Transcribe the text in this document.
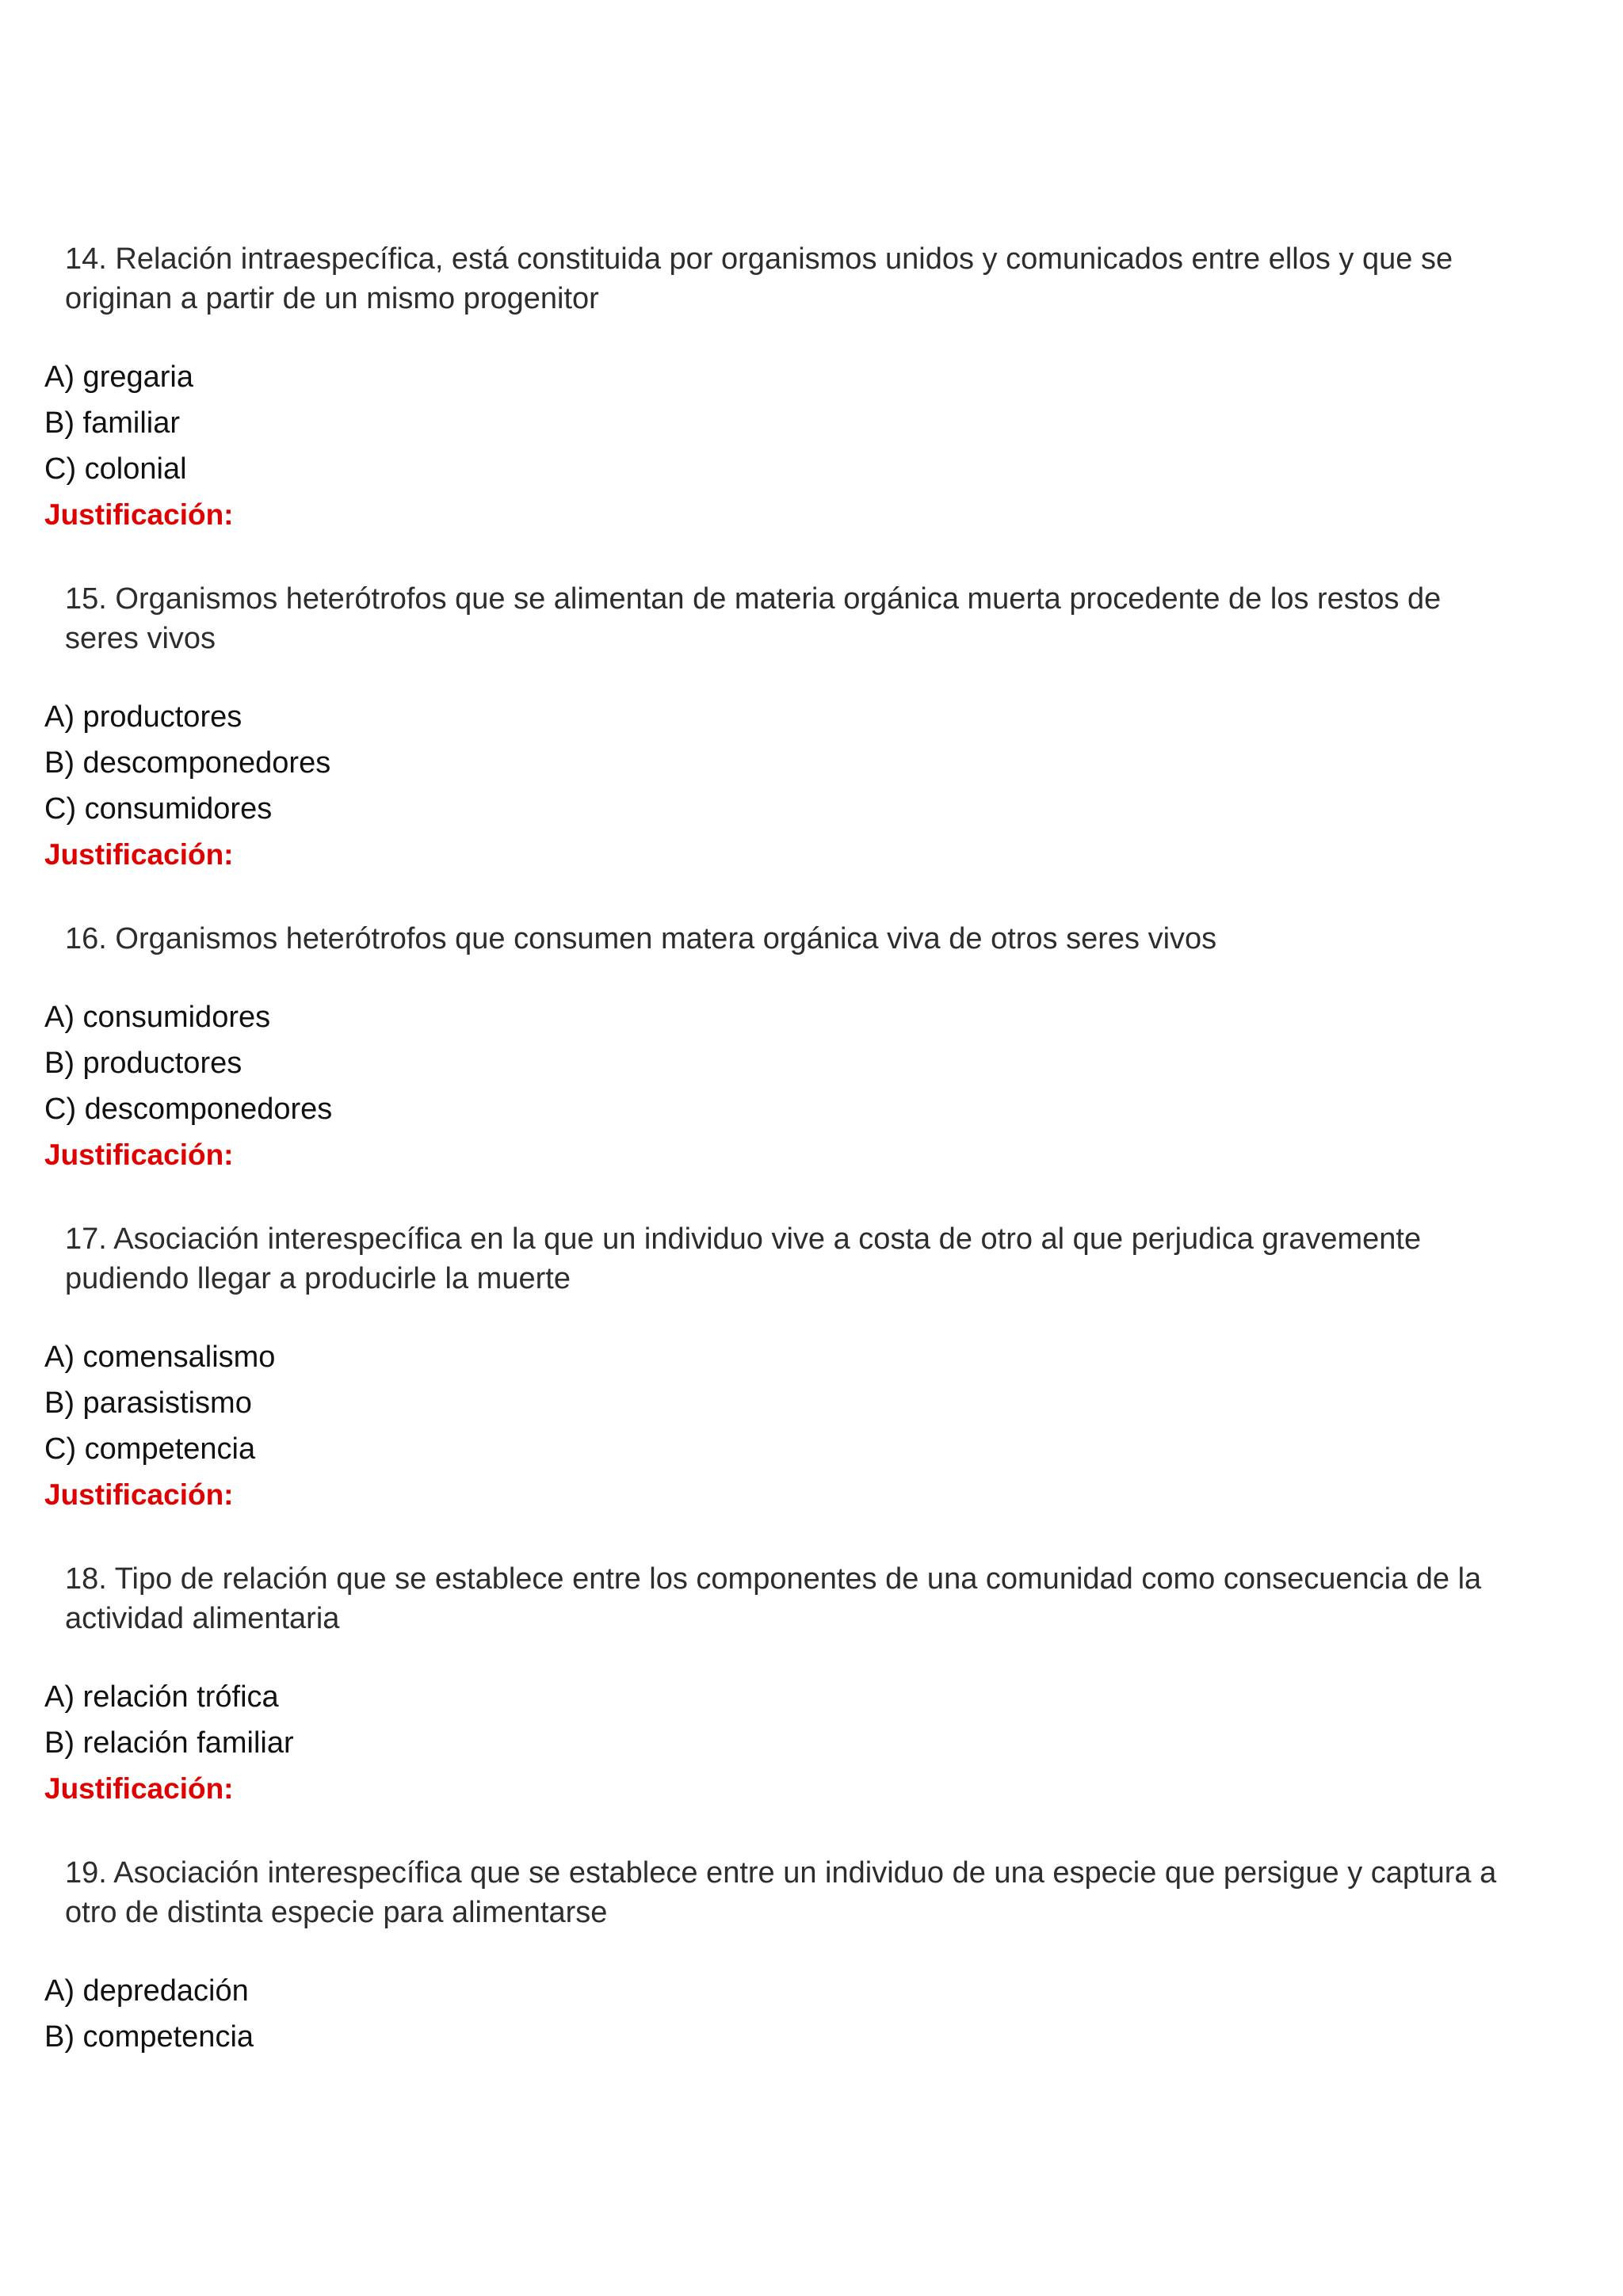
14. Relación intraespecífica, está constituida por organismos unidos y comunicados entre ellos y que se originan a partir de un mismo progenitor

A) gregaria

B) familiar

C) colonial

Justificación:

15. Organismos heterótrofos que se alimentan de materia orgánica muerta procedente de los restos de seres vivos

A) productores

B) descomponedores

C) consumidores

Justificación:

16. Organismos heterótrofos que consumen matera orgánica viva de otros seres vivos

A) consumidores

B) productores

C) descomponedores

Justificación:

17. Asociación interespecífica en la que un individuo vive a costa de otro al que perjudica gravemente pudiendo llegar a producirle la muerte

A) comensalismo

B) parasistismo

C) competencia

Justificación:

18. Tipo de relación que se establece entre los componentes de una comunidad como consecuencia de la actividad alimentaria

A) relación trófica

B) relación familiar

Justificación:

19. Asociación interespecífica que se establece entre un individuo de una especie que persigue y captura a otro de distinta especie para alimentarse

A) depredación

B) competencia
